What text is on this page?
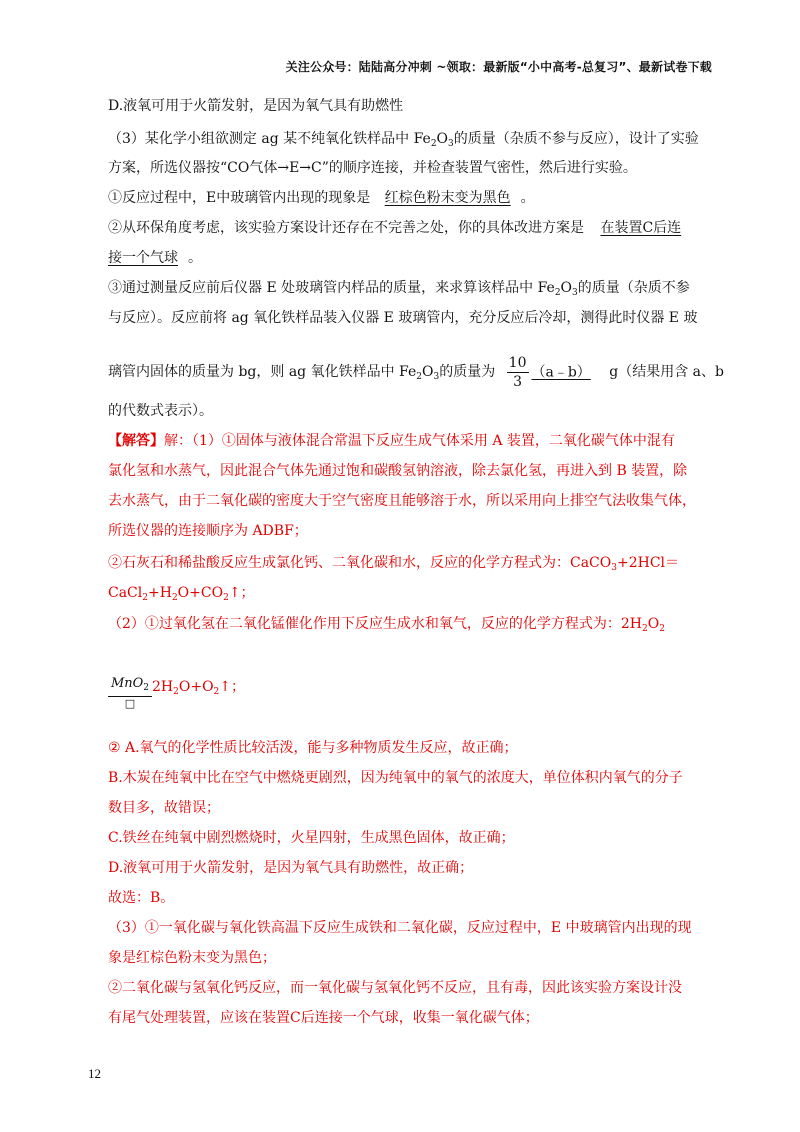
关注公众号：陆陆高分冲刺 ~领取：最新版“小中高考-总复习”、最新试卷下载
D.液氧可用于火箭发射，是因为氧气具有助燃性
（3）某化学小组欲测定 ag 某不纯氧化铁样品中 $Fe_2O_3$的质量（杂质不参与反应），设计了实验
方案，所选仪器按“CO气体→E→C”的顺序连接，并检查装置气密性，然后进行实验。
①反应过程中，E中玻璃管内出现的现象是 红棕色粉末变为黑色 。
②从环保角度考虑，该实验方案设计还存在不完善之处，你的具体改进方案是 在装置C后连
接一个气球 。
③通过测量反应前后仪器 E 处玻璃管内样品的质量，来求算该样品中 $Fe_2O_3$的质量（杂质不参
与反应）。反应前将 ag 氧化铁样品装入仪器 E 玻璃管内，充分反应后冷却，测得此时仪器 E 玻
璃管内固体的质量为 bg，则 ag 氧化铁样品中 $Fe_2O_3$的质量为 $\frac{10}{3}$ （a﹣b） g（结果用含 a、b
的代数式表示）。
【解答】解：（1）①固体与液体混合常温下反应生成气体采用 A 装置，二氧化碳气体中混有
氯化氢和水蒸气，因此混合气体先通过饱和碳酸氢钠溶液，除去氯化氢，再进入到 B 装置，除
去水蒸气，由于二氧化碳的密度大于空气密度且能够溶于水，所以采用向上排空气法收集气体，
所选仪器的连接顺序为 ADBF；
②石灰石和稀盐酸反应生成氯化钙、二氧化碳和水，反应的化学方程式为：CaCO$_3$+2HCl＝
$CaCl_2+H_2O+CO_2↑$；
（2）①过氧化氢在二氧化锰催化作用下反应生成水和氧气，反应的化学方程式为：$2H_2O_2$
MnO$_2$
□
$2H_2O+O_2↑$；
② A.氧气的化学性质比较活泼，能与多种物质发生反应，故正确；
B.木炭在纯氧中比在空气中燃烧更剧烈，因为纯氧中的氧气的浓度大，单位体积内氧气的分子
数目多，故错误；
C.铁丝在纯氧中剧烈燃烧时，火星四射，生成黑色固体，故正确；
D.液氧可用于火箭发射，是因为氧气具有助燃性，故正确；
故选：B。
（3）①一氧化碳与氧化铁高温下反应生成铁和二氧化碳，反应过程中，E 中玻璃管内出现的现
象是红棕色粉末变为黑色；
②二氧化碳与氢氧化钙反应，而一氧化碳与氢氧化钙不反应，且有毒，因此该实验方案设计没
有尾气处理装置，应该在装置C后连接一个气球，收集一氧化碳气体；
12
